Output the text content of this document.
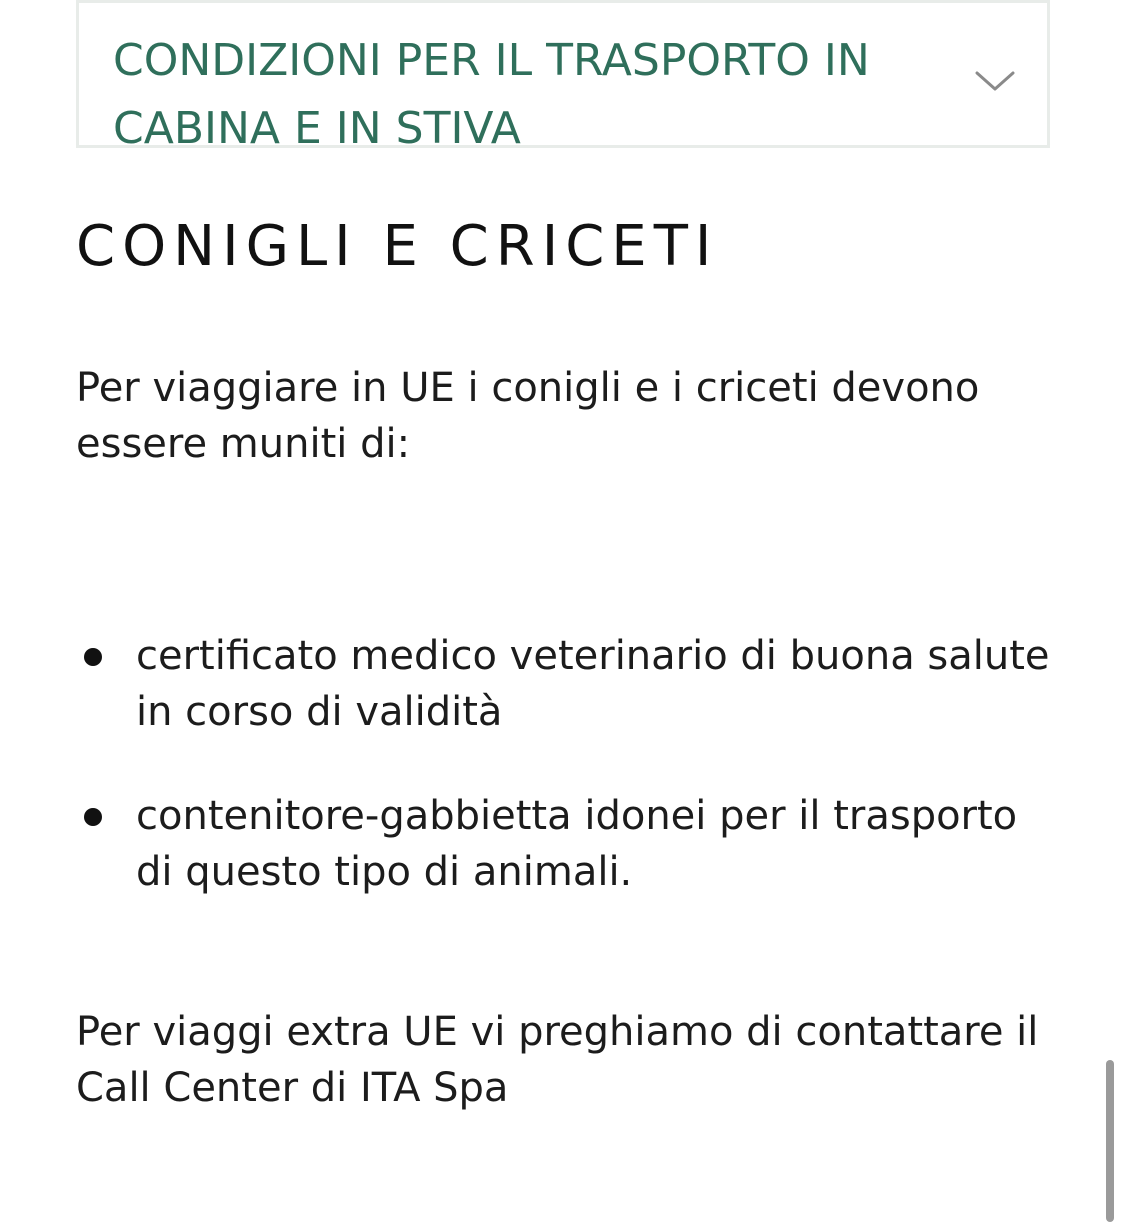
CONDIZIONI PER IL TRASPORTO IN CABINA E IN STIVA
CONIGLI E CRICETI

Per viaggiare in UE i conigli e i criceti devono essere muniti di:

certificato medico veterinario di buona salute in corso di validità
contenitore-gabbietta idonei per il trasporto di questo tipo di animali.

Per viaggi extra UE vi preghiamo di contattare il Call Center di ITA Spa
